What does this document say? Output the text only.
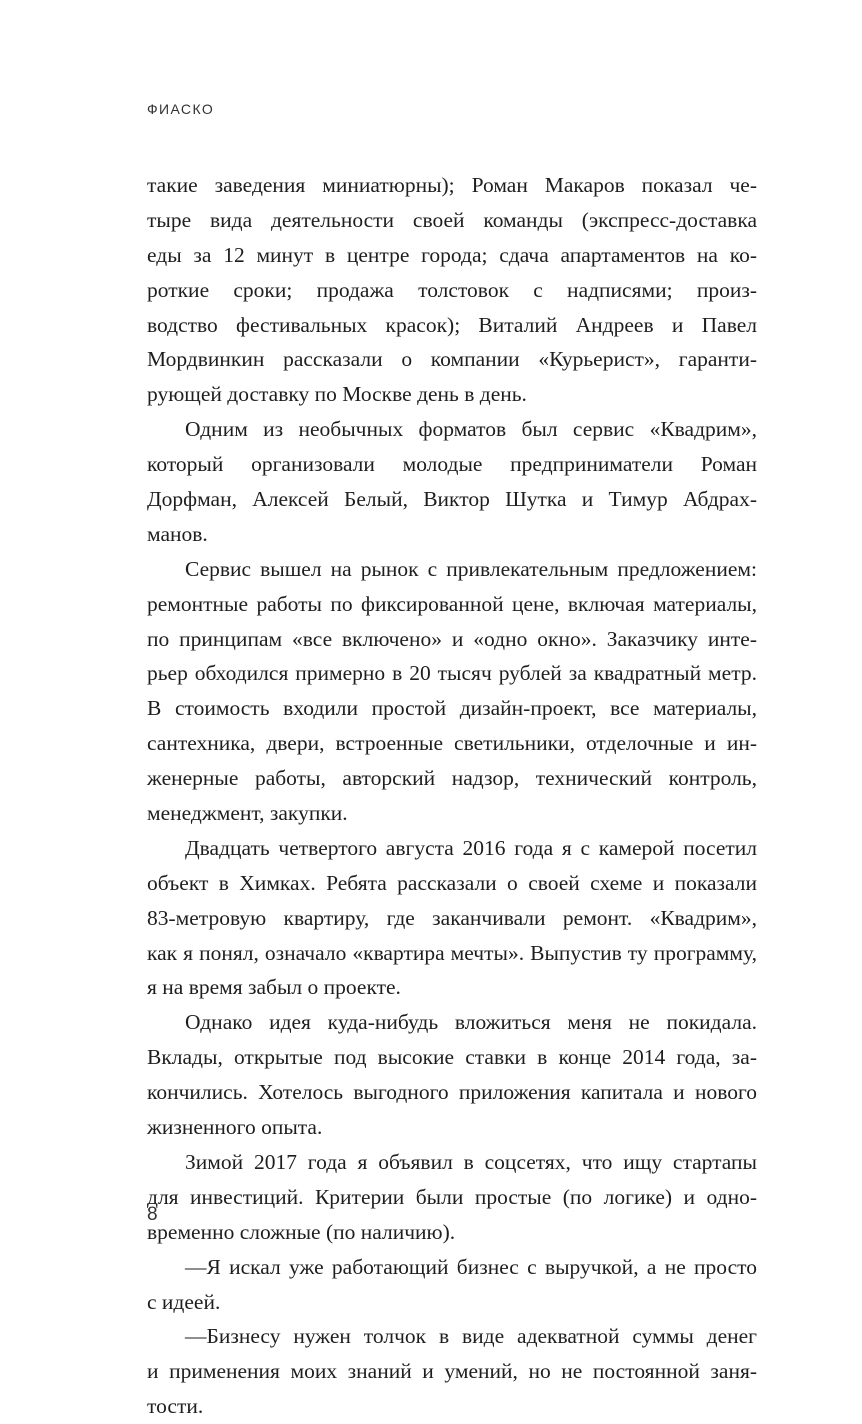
ФИАСКО
такие заведения миниатюрны); Роман Макаров показал че-
тыре вида деятельности своей команды (экспресс-доставка
еды за 12 минут в центре города; сдача апартаментов на ко-
роткие сроки; продажа толстовок с надписями; произ-
водство фестивальных красок); Виталий Андреев и Павел
Мордвинкин рассказали о компании «Курьерист», гаранти-
рующей доставку по Москве день в день.
Одним из необычных форматов был сервис «Квадрим»,
который организовали молодые предприниматели Роман
Дорфман, Алексей Белый, Виктор Шутка и Тимур Абдрах-
манов.
Сервис вышел на рынок с привлекательным предложением:
ремонтные работы по фиксированной цене, включая материалы,
по принципам «все включено» и «одно окно». Заказчику инте-
рьер обходился примерно в 20 тысяч рублей за квадратный метр.
В стоимость входили простой дизайн-проект, все материалы,
сантехника, двери, встроенные светильники, отделочные и ин-
женерные работы, авторский надзор, технический контроль,
менеджмент, закупки.
Двадцать четвертого августа 2016 года я с камерой посетил
объект в Химках. Ребята рассказали о своей схеме и показали
83-метровую квартиру, где заканчивали ремонт. «Квадрим»,
как я понял, означало «квартира мечты». Выпустив ту программу,
я на время забыл о проекте.
Однако идея куда-нибудь вложиться меня не покидала.
Вклады, открытые под высокие ставки в конце 2014 года, за-
кончились. Хотелось выгодного приложения капитала и нового
жизненного опыта.
Зимой 2017 года я объявил в соцсетях, что ищу стартапы
для инвестиций. Критерии были простые (по логике) и одно-
временно сложные (по наличию).
—Я искал уже работающий бизнес с выручкой, а не просто
с идеей.
—Бизнесу нужен толчок в виде адекватной суммы денег
и применения моих знаний и умений, но не постоянной заня-
тости.
8
